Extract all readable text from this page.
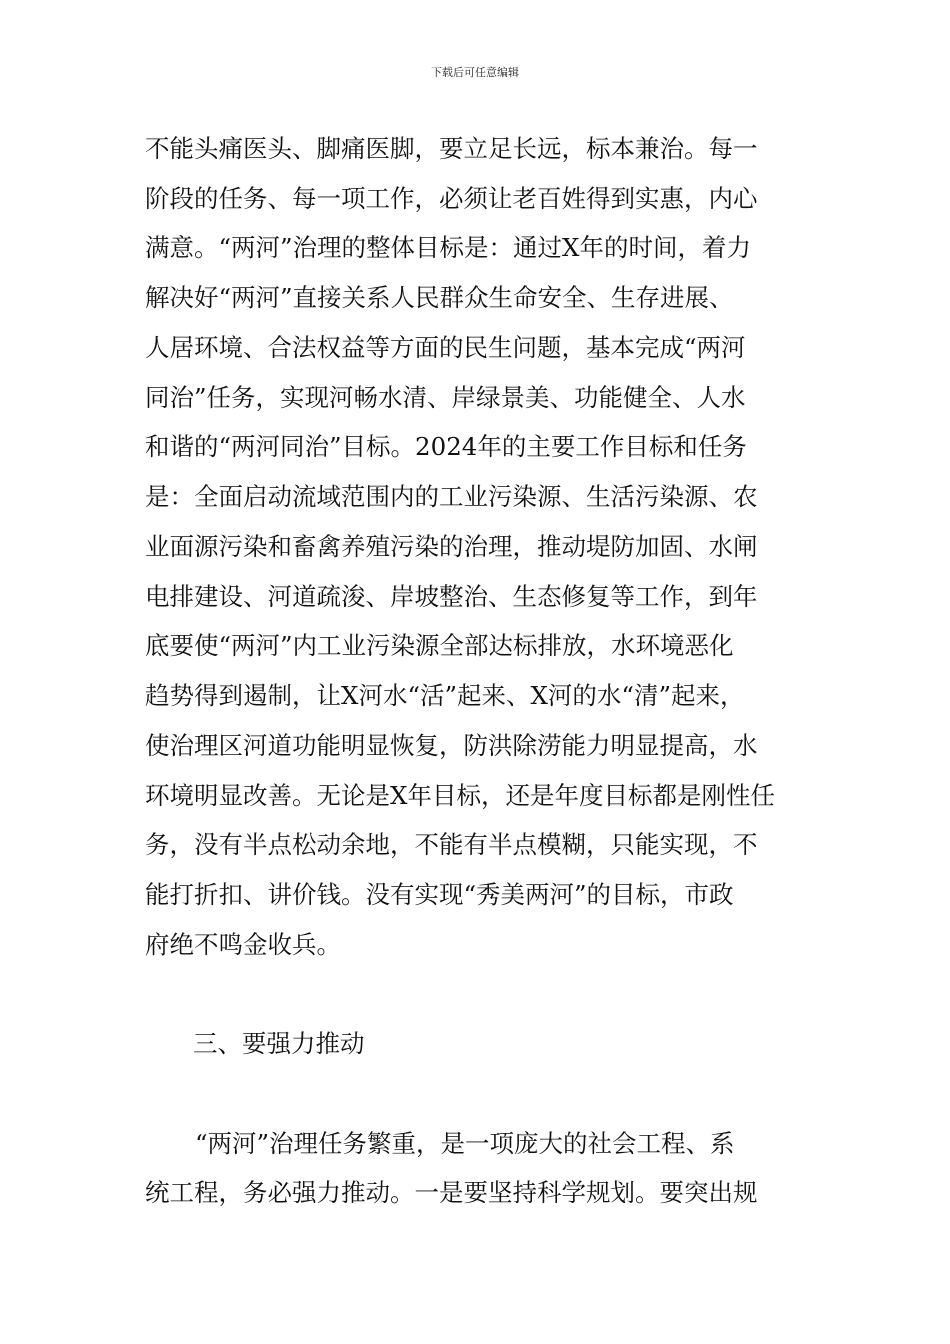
下载后可任意编辑
不能头痛医头、脚痛医脚，要立足长远，标本兼治。每一
阶段的任务、每一项工作，必须让老百姓得到实惠，内心
满意。“两河”治理的整体目标是：通过X年的时间，着力
解决好“两河”直接关系人民群众生命安全、生存进展、
人居环境、合法权益等方面的民生问题，基本完成“两河
同治”任务，实现河畅水清、岸绿景美、功能健全、人水
和谐的“两河同治”目标。2024年的主要工作目标和任务
是：全面启动流域范围内的工业污染源、生活污染源、农
业面源污染和畜禽养殖污染的治理，推动堤防加固、水闸
电排建设、河道疏浚、岸坡整治、生态修复等工作，到年
底要使“两河”内工业污染源全部达标排放，水环境恶化
趋势得到遏制，让X河水“活”起来、X河的水“清”起来，
使治理区河道功能明显恢复，防洪除涝能力明显提高，水
环境明显改善。无论是X年目标，还是年度目标都是刚性任
务，没有半点松动余地，不能有半点模糊，只能实现，不
能打折扣、讲价钱。没有实现“秀美两河”的目标，市政
府绝不鸣金收兵。
三、要强力推动
“两河”治理任务繁重，是一项庞大的社会工程、系
统工程，务必强力推动。一是要坚持科学规划。要突出规
